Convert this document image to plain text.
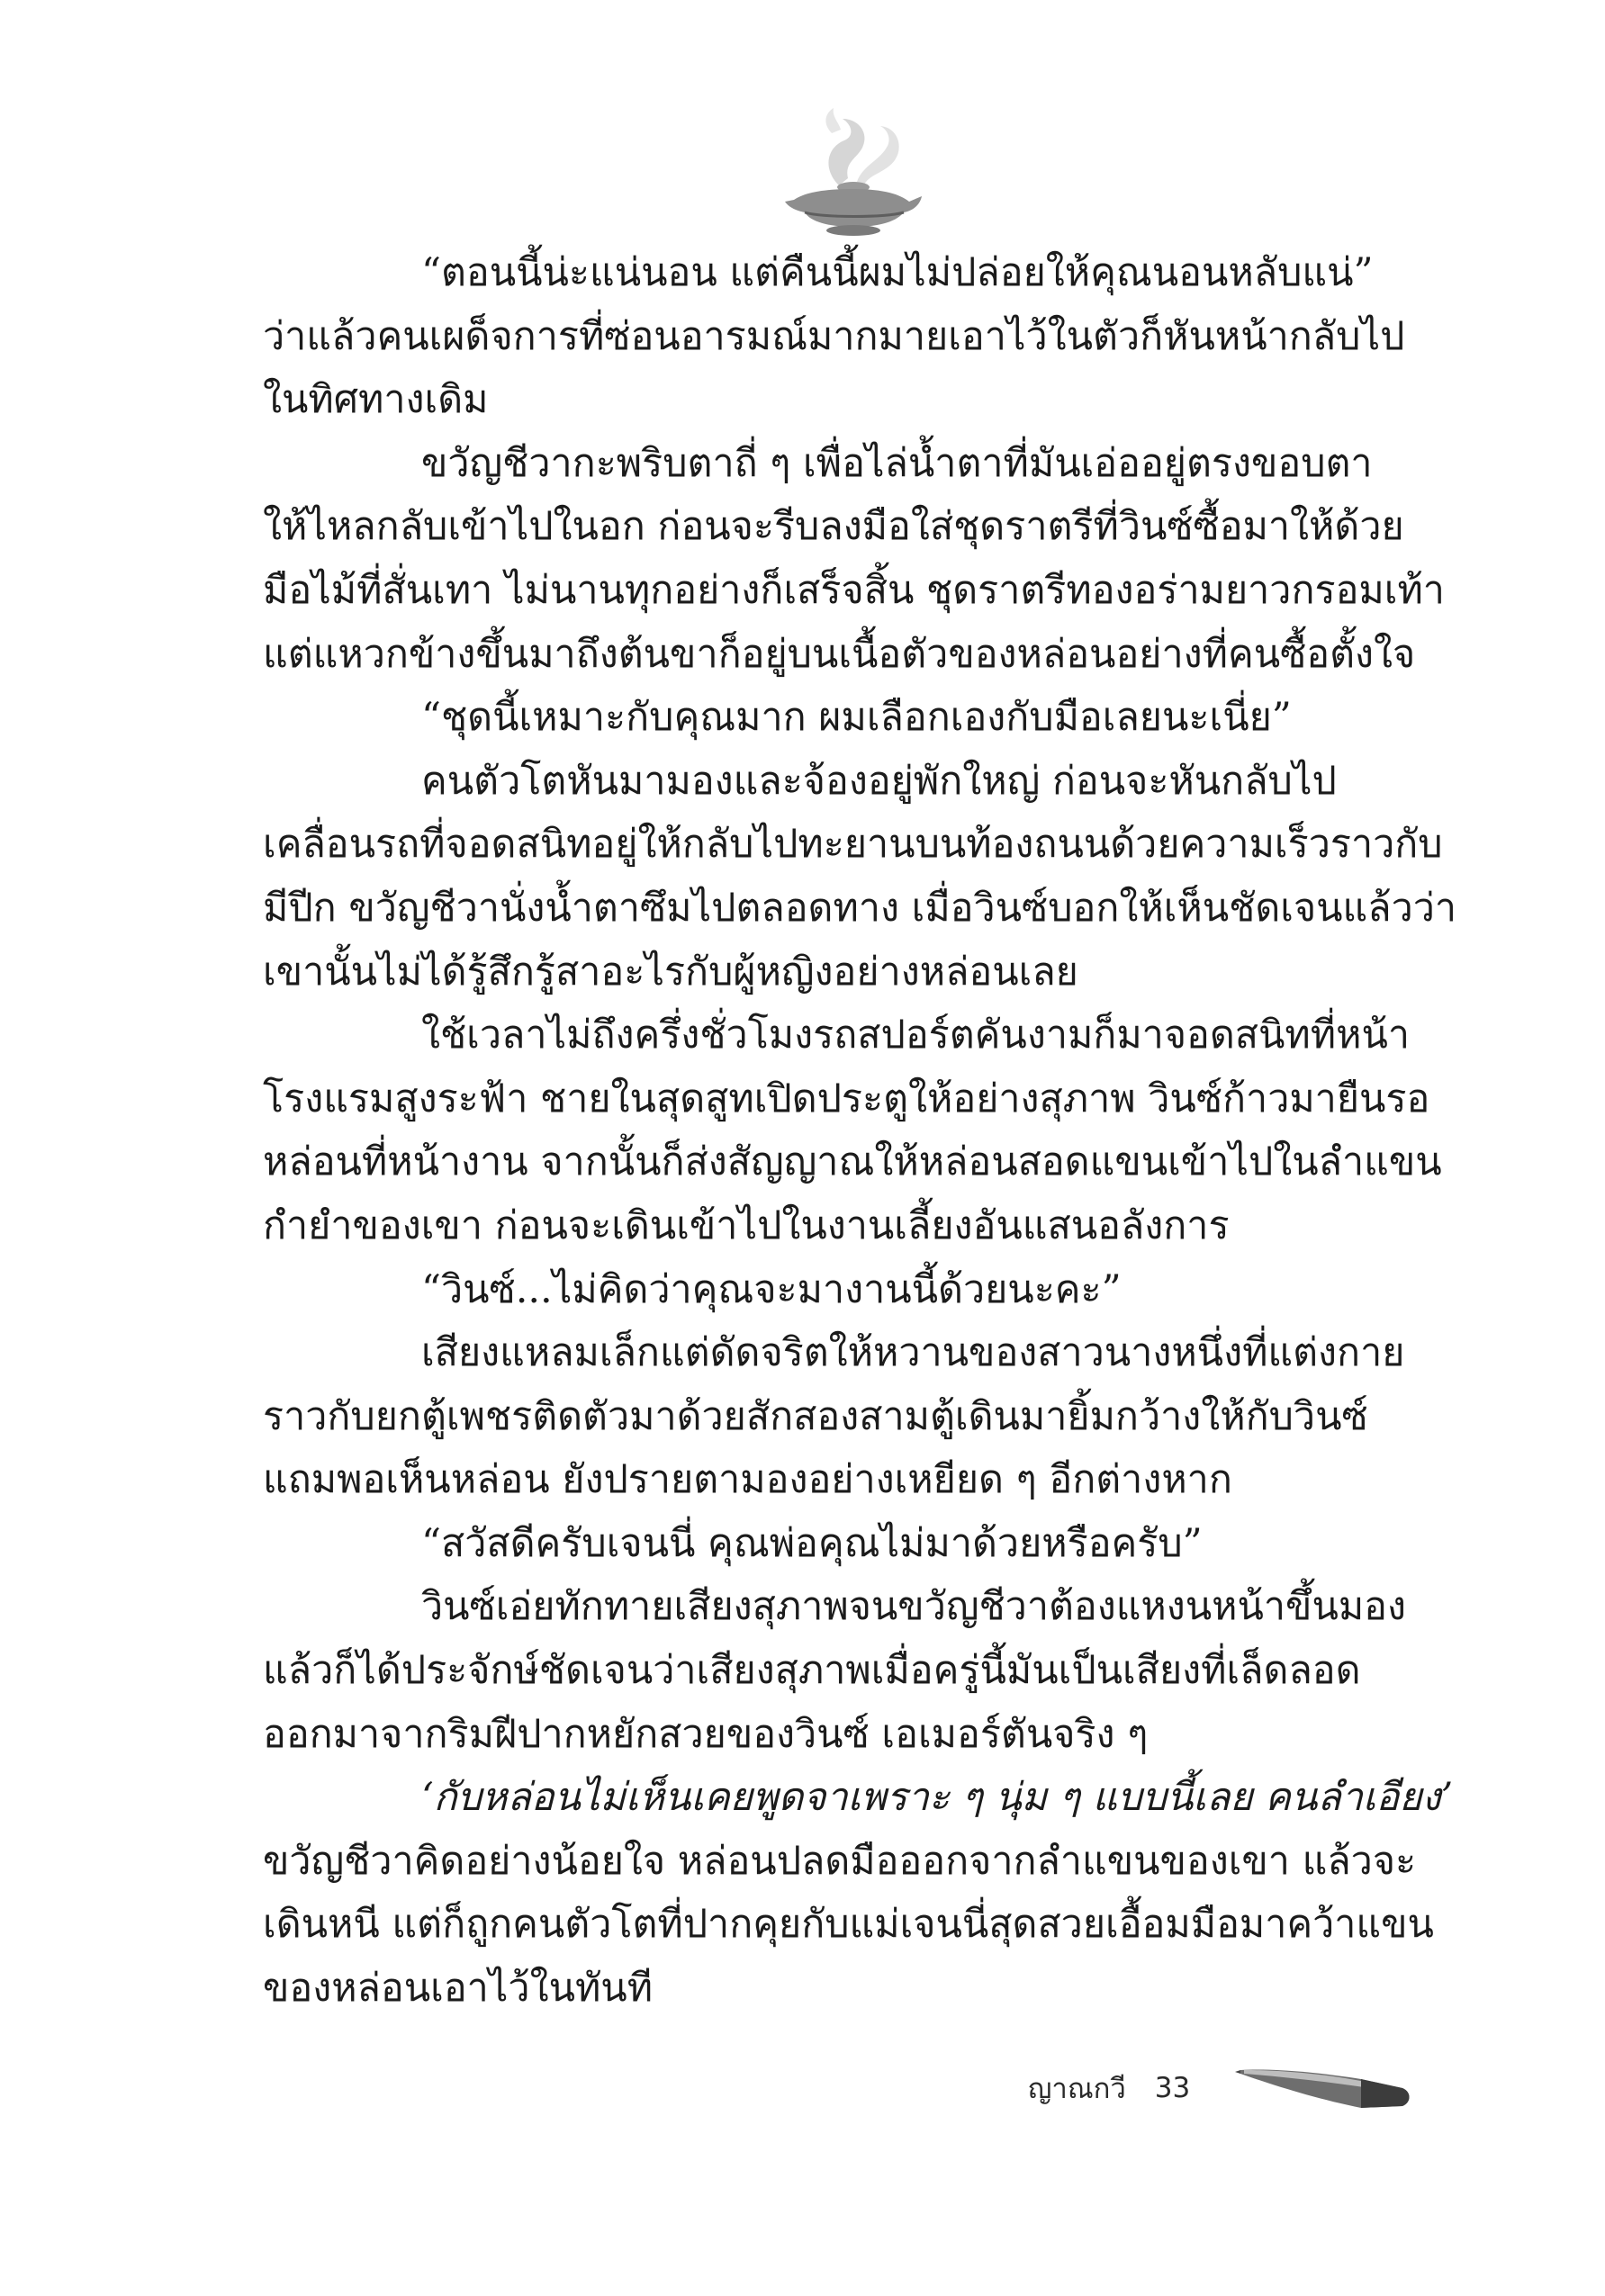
“ตอนนี้น่ะแน่นอน แต่คืนนี้ผมไม่ปล่อยให้คุณนอนหลับแน่”

ว่าแล้วคนเผด็จการที่ซ่อนอารมณ์มากมายเอาไว้ในตัวก็หันหน้ากลับไป

ในทิศทางเดิม

ขวัญชีวากะพริบตาถี่ ๆ เพื่อไล่น้ำตาที่มันเอ่ออยู่ตรงขอบตา

ให้ไหลกลับเข้าไปในอก ก่อนจะรีบลงมือใส่ชุดราตรีที่วินซ์ซื้อมาให้ด้วย

มือไม้ที่สั่นเทา ไม่นานทุกอย่างก็เสร็จสิ้น ชุดราตรีทองอร่ามยาวกรอมเท้า

แต่แหวกข้างขึ้นมาถึงต้นขาก็อยู่บนเนื้อตัวของหล่อนอย่างที่คนซื้อตั้งใจ

“ชุดนี้เหมาะกับคุณมาก ผมเลือกเองกับมือเลยนะเนี่ย”

คนตัวโตหันมามองและจ้องอยู่พักใหญ่ ก่อนจะหันกลับไป

เคลื่อนรถที่จอดสนิทอยู่ให้กลับไปทะยานบนท้องถนนด้วยความเร็วราวกับ

มีปีก ขวัญชีวานั่งน้ำตาซึมไปตลอดทาง เมื่อวินซ์บอกให้เห็นชัดเจนแล้วว่า

เขานั้นไม่ได้รู้สึกรู้สาอะไรกับผู้หญิงอย่างหล่อนเลย

ใช้เวลาไม่ถึงครึ่งชั่วโมงรถสปอร์ตคันงามก็มาจอดสนิทที่หน้า

โรงแรมสูงระฟ้า ชายในสุดสูทเปิดประตูให้อย่างสุภาพ วินซ์ก้าวมายืนรอ

หล่อนที่หน้างาน จากนั้นก็ส่งสัญญาณให้หล่อนสอดแขนเข้าไปในลำแขน

กำยำของเขา ก่อนจะเดินเข้าไปในงานเลี้ยงอันแสนอลังการ

“วินซ์...ไม่คิดว่าคุณจะมางานนี้ด้วยนะคะ”

เสียงแหลมเล็กแต่ดัดจริตให้หวานของสาวนางหนึ่งที่แต่งกาย

ราวกับยกตู้เพชรติดตัวมาด้วยสักสองสามตู้เดินมายิ้มกว้างให้กับวินซ์

แถมพอเห็นหล่อน ยังปรายตามองอย่างเหยียด ๆ อีกต่างหาก

“สวัสดีครับเจนนี่ คุณพ่อคุณไม่มาด้วยหรือครับ”

วินซ์เอ่ยทักทายเสียงสุภาพจนขวัญชีวาต้องแหงนหน้าขึ้นมอง

แล้วก็ได้ประจักษ์ชัดเจนว่าเสียงสุภาพเมื่อครู่นี้มันเป็นเสียงที่เล็ดลอด

ออกมาจากริมฝีปากหยักสวยของวินซ์ เอเมอร์ตันจริง ๆ

‘กับหล่อนไม่เห็นเคยพูดจาเพราะ ๆ นุ่ม ๆ แบบนี้เลย คนลำเอียง’

ขวัญชีวาคิดอย่างน้อยใจ หล่อนปลดมือออกจากลำแขนของเขา แล้วจะ

เดินหนี แต่ก็ถูกคนตัวโตที่ปากคุยกับแม่เจนนี่สุดสวยเอื้อมมือมาคว้าแขน

ของหล่อนเอาไว้ในทันที

ญาณกวี 33
